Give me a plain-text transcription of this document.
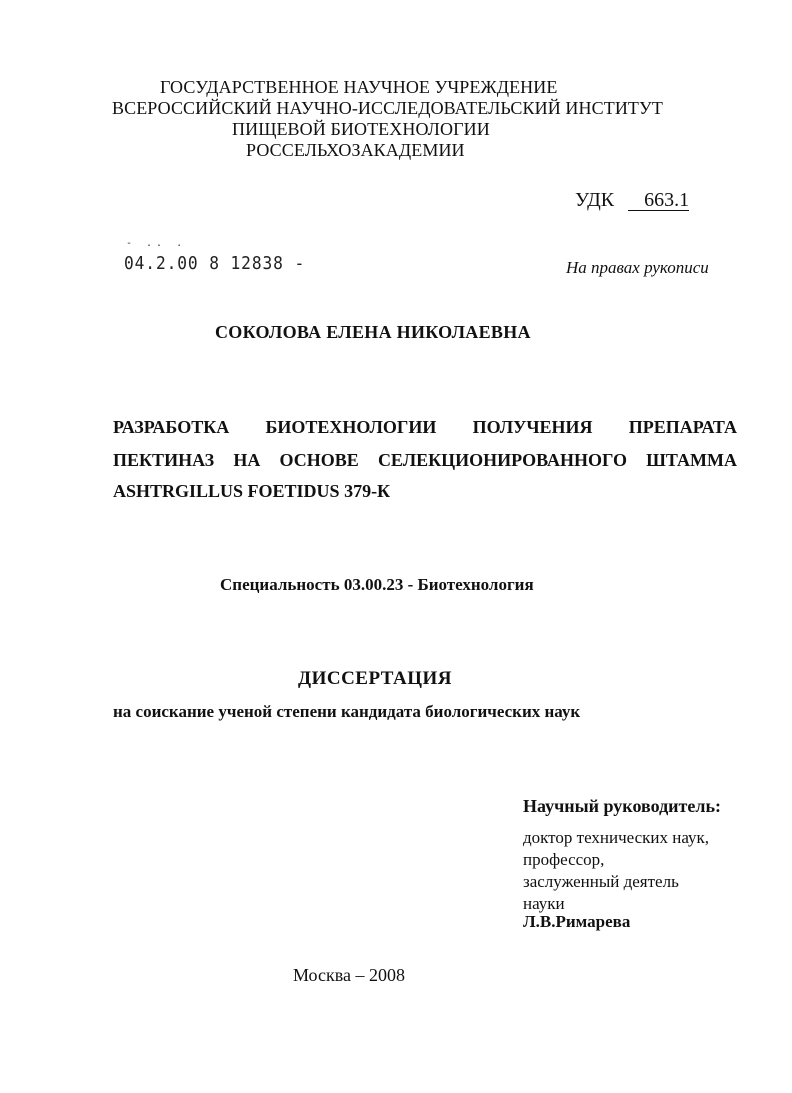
ГОСУДАРСТВЕННОЕ НАУЧНОЕ УЧРЕЖДЕНИЕ
ВСЕРОССИЙСКИЙ НАУЧНО-ИССЛЕДОВАТЕЛЬСКИЙ ИНСТИТУТ
ПИЩЕВОЙ БИОТЕХНОЛОГИИ
РОССЕЛЬХОЗАКАДЕМИИ
УДК 663.1
- .. .
04.2.00 8 12838 -	На правах рукописи
СОКОЛОВА ЕЛЕНА НИКОЛАЕВНА
РАЗРАБОТКА БИОТЕХНОЛОГИИ ПОЛУЧЕНИЯ ПРЕПАРАТА
ПЕКТИНАЗ НА ОСНОВЕ СЕЛЕКЦИОНИРОВАННОГО ШТАММА
ASHTRGILLUS FOETIDUS 379-К
Специальность 03.00.23 - Биотехнология
ДИССЕРТАЦИЯ
на соискание ученой степени кандидата биологических наук
Научный руководитель:
доктор технических наук,
профессор,
заслуженный деятель
науки
Л.В.Римарева
Москва – 2008
